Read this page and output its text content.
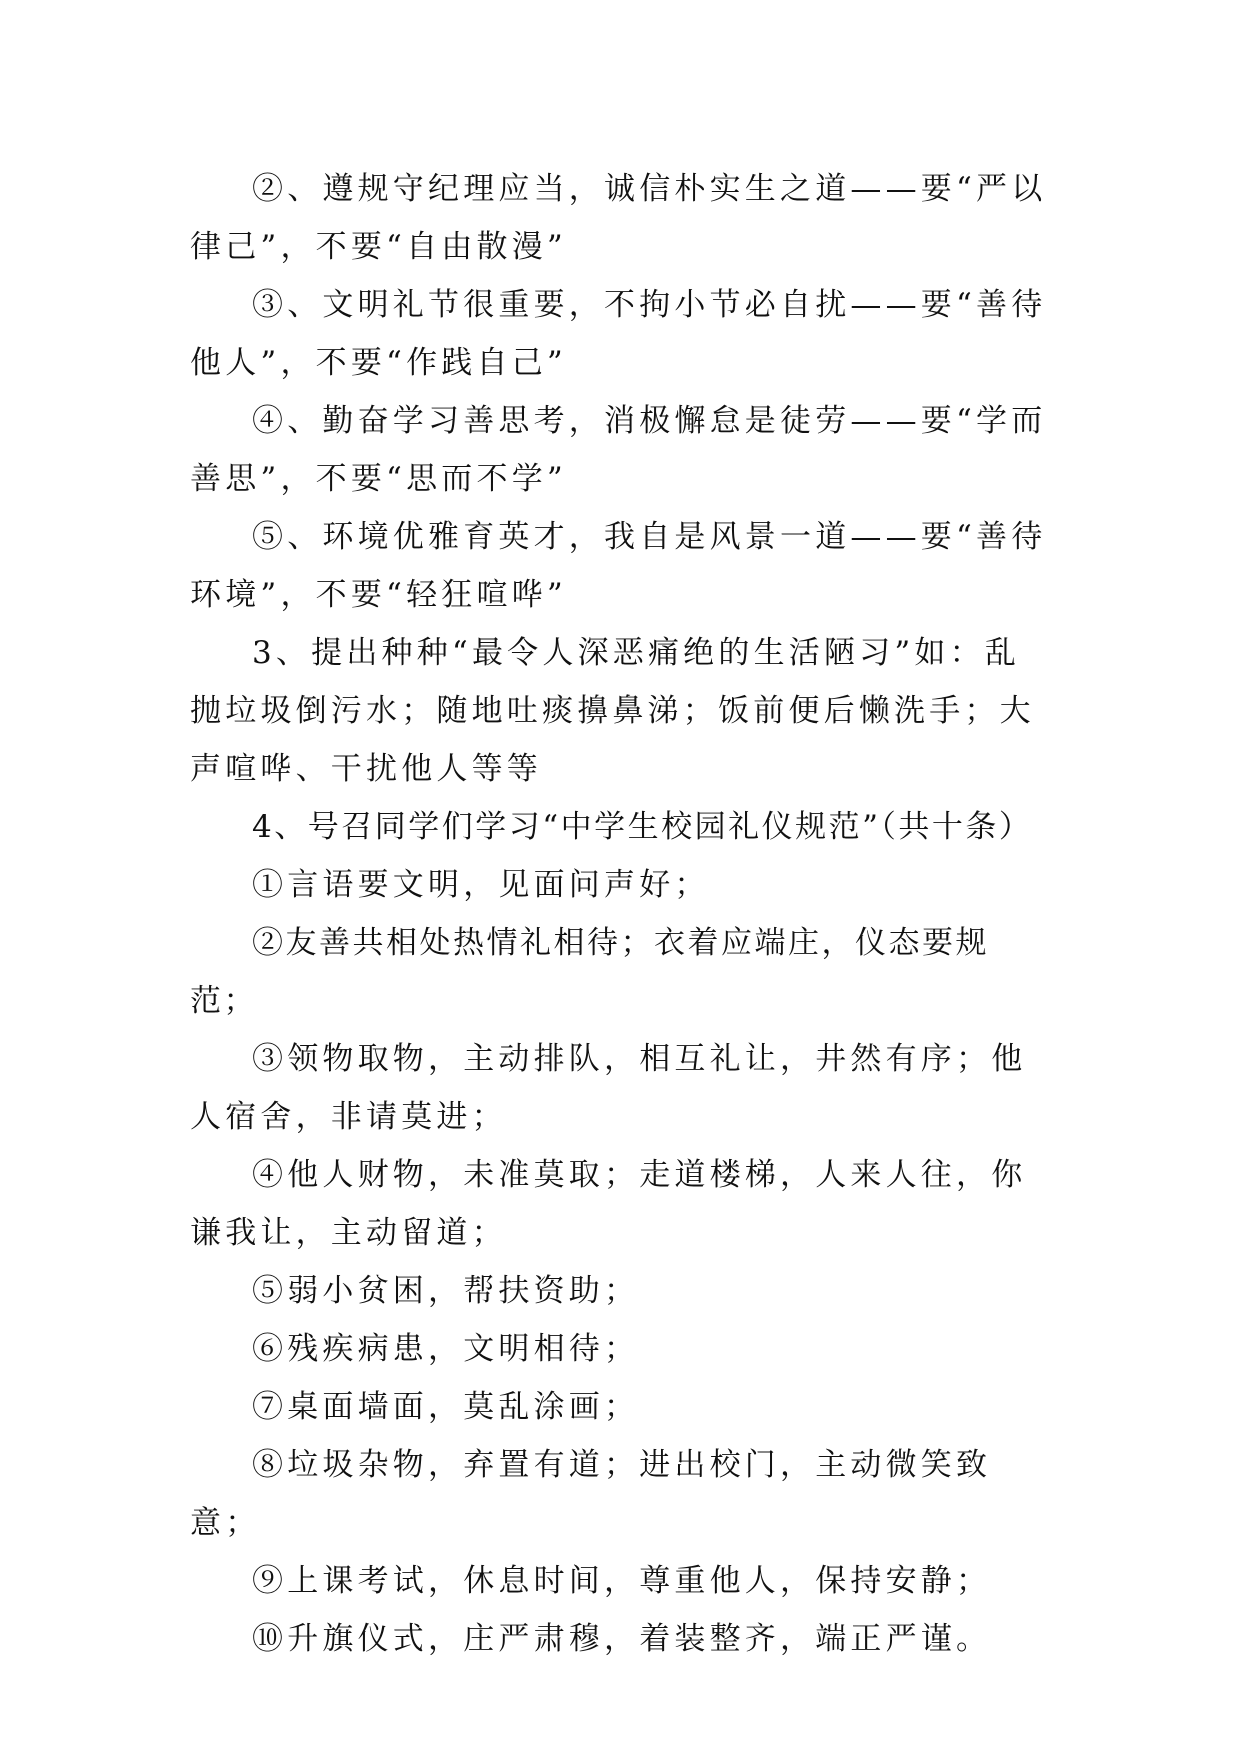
②、遵规守纪理应当，诚信朴实生之道——要“严以律己”，不要“自由散漫”

③、文明礼节很重要，不拘小节必自扰——要“善待他人”，不要“作践自己”

④、勤奋学习善思考，消极懈怠是徒劳——要“学而善思”，不要“思而不学”

⑤、环境优雅育英才，我自是风景一道——要“善待环境”，不要“轻狂喧哗”

3、提出种种“最令人深恶痛绝的生活陋习”如：乱抛垃圾倒污水；随地吐痰擤鼻涕；饭前便后懒洗手；大声喧哗、干扰他人等等

4、号召同学们学习“中学生校园礼仪规范”（共十条）

①言语要文明，见面问声好；

②友善共相处热情礼相待；衣着应端庄，仪态要规范；

③领物取物，主动排队，相互礼让，井然有序；他人宿舍，非请莫进；

④他人财物，未准莫取；走道楼梯，人来人往，你谦我让，主动留道；

⑤弱小贫困，帮扶资助；

⑥残疾病患，文明相待；

⑦桌面墙面，莫乱涂画；

⑧垃圾杂物，弃置有道；进出校门，主动微笑致意；

⑨上课考试，休息时间，尊重他人，保持安静；

⑩升旗仪式，庄严肃穆，着装整齐，端正严谨。
